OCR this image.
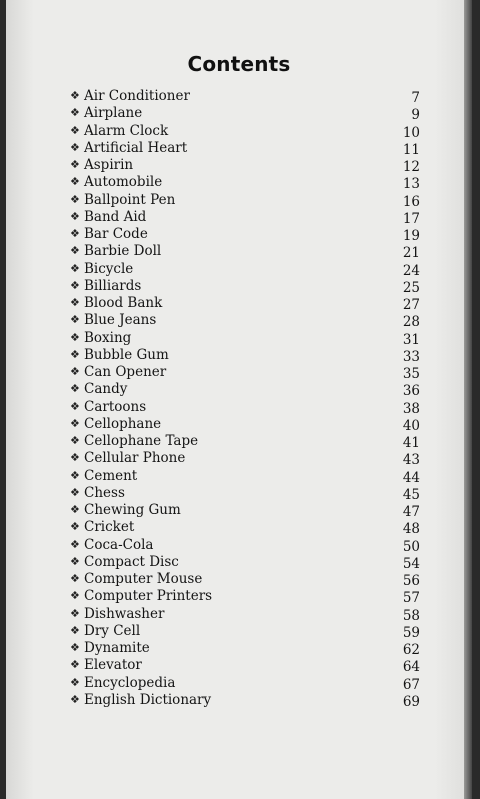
Contents
❖ Air Conditioner	7
❖ Airplane	9
❖ Alarm Clock	10
❖ Artificial Heart	11
❖ Aspirin	12
❖ Automobile	13
❖ Ballpoint Pen	16
❖ Band Aid	17
❖ Bar Code	19
❖ Barbie Doll	21
❖ Bicycle	24
❖ Billiards	25
❖ Blood Bank	27
❖ Blue Jeans	28
❖ Boxing	31
❖ Bubble Gum	33
❖ Can Opener	35
❖ Candy	36
❖ Cartoons	38
❖ Cellophane	40
❖ Cellophane Tape	41
❖ Cellular Phone	43
❖ Cement	44
❖ Chess	45
❖ Chewing Gum	47
❖ Cricket	48
❖ Coca-Cola	50
❖ Compact Disc	54
❖ Computer Mouse	56
❖ Computer Printers	57
❖ Dishwasher	58
❖ Dry Cell	59
❖ Dynamite	62
❖ Elevator	64
❖ Encyclopedia	67
❖ English Dictionary	69
